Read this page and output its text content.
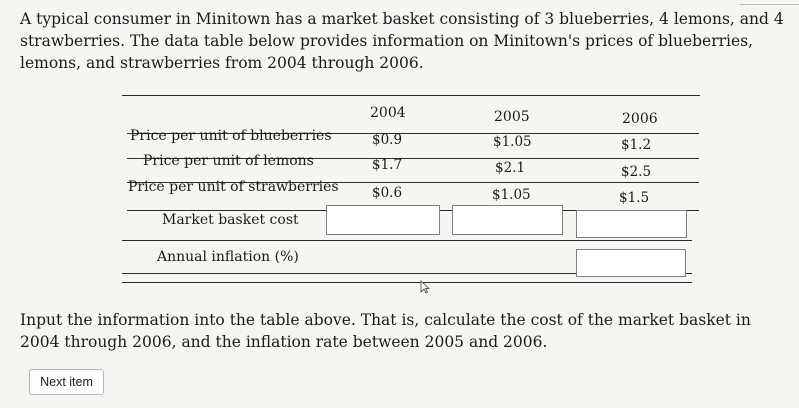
A typical consumer in Minitown has a market basket consisting of 3 blueberries, 4 lemons, and 4 strawberries. The data table below provides information on Minitown's prices of blueberries, lemons, and strawberries from 2004 through 2006.
2004	2005	2006
Price per unit of blueberries	$0.9	$1.05	$1.2
Price per unit of lemons	$1.7	$2.1	$2.5
Price per unit of strawberries $0.6	$1.05	$1.5
Market basket cost
Annual inflation (%)
Input the information into the table above. That is, calculate the cost of the market basket in 2004 through 2006, and the inflation rate between 2005 and 2006.
Next item
